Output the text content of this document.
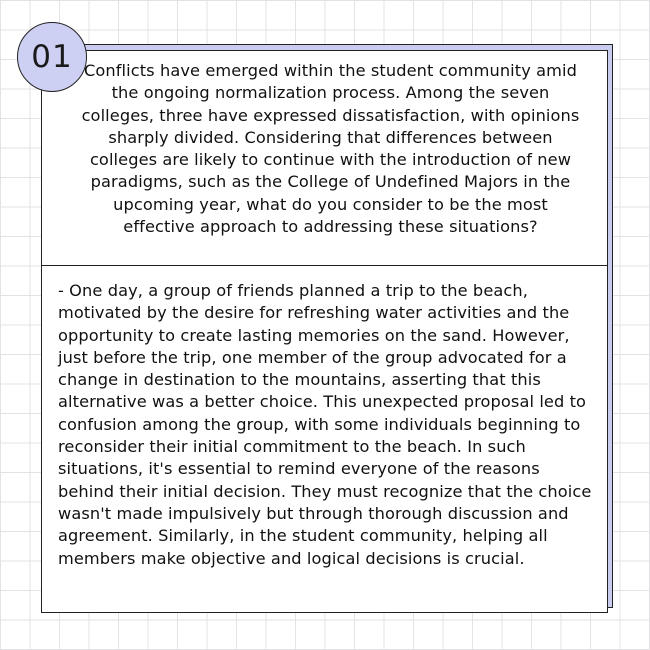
Conflicts have emerged within the student community amid the ongoing normalization process. Among the seven colleges, three have expressed dissatisfaction, with opinions sharply divided. Considering that differences between colleges are likely to continue with the introduction of new paradigms, such as the College of Undefined Majors in the upcoming year, what do you consider to be the most effective approach to addressing these situations?
- One day, a group of friends planned a trip to the beach, motivated by the desire for refreshing water activities and the opportunity to create lasting memories on the sand. However, just before the trip, one member of the group advocated for a change in destination to the mountains, asserting that this alternative was a better choice. This unexpected proposal led to confusion among the group, with some individuals beginning to reconsider their initial commitment to the beach. In such situations, it's essential to remind everyone of the reasons behind their initial decision. They must recognize that the choice wasn't made impulsively but through thorough discussion and agreement. Similarly, in the student community, helping all members make objective and logical decisions is crucial.
01
